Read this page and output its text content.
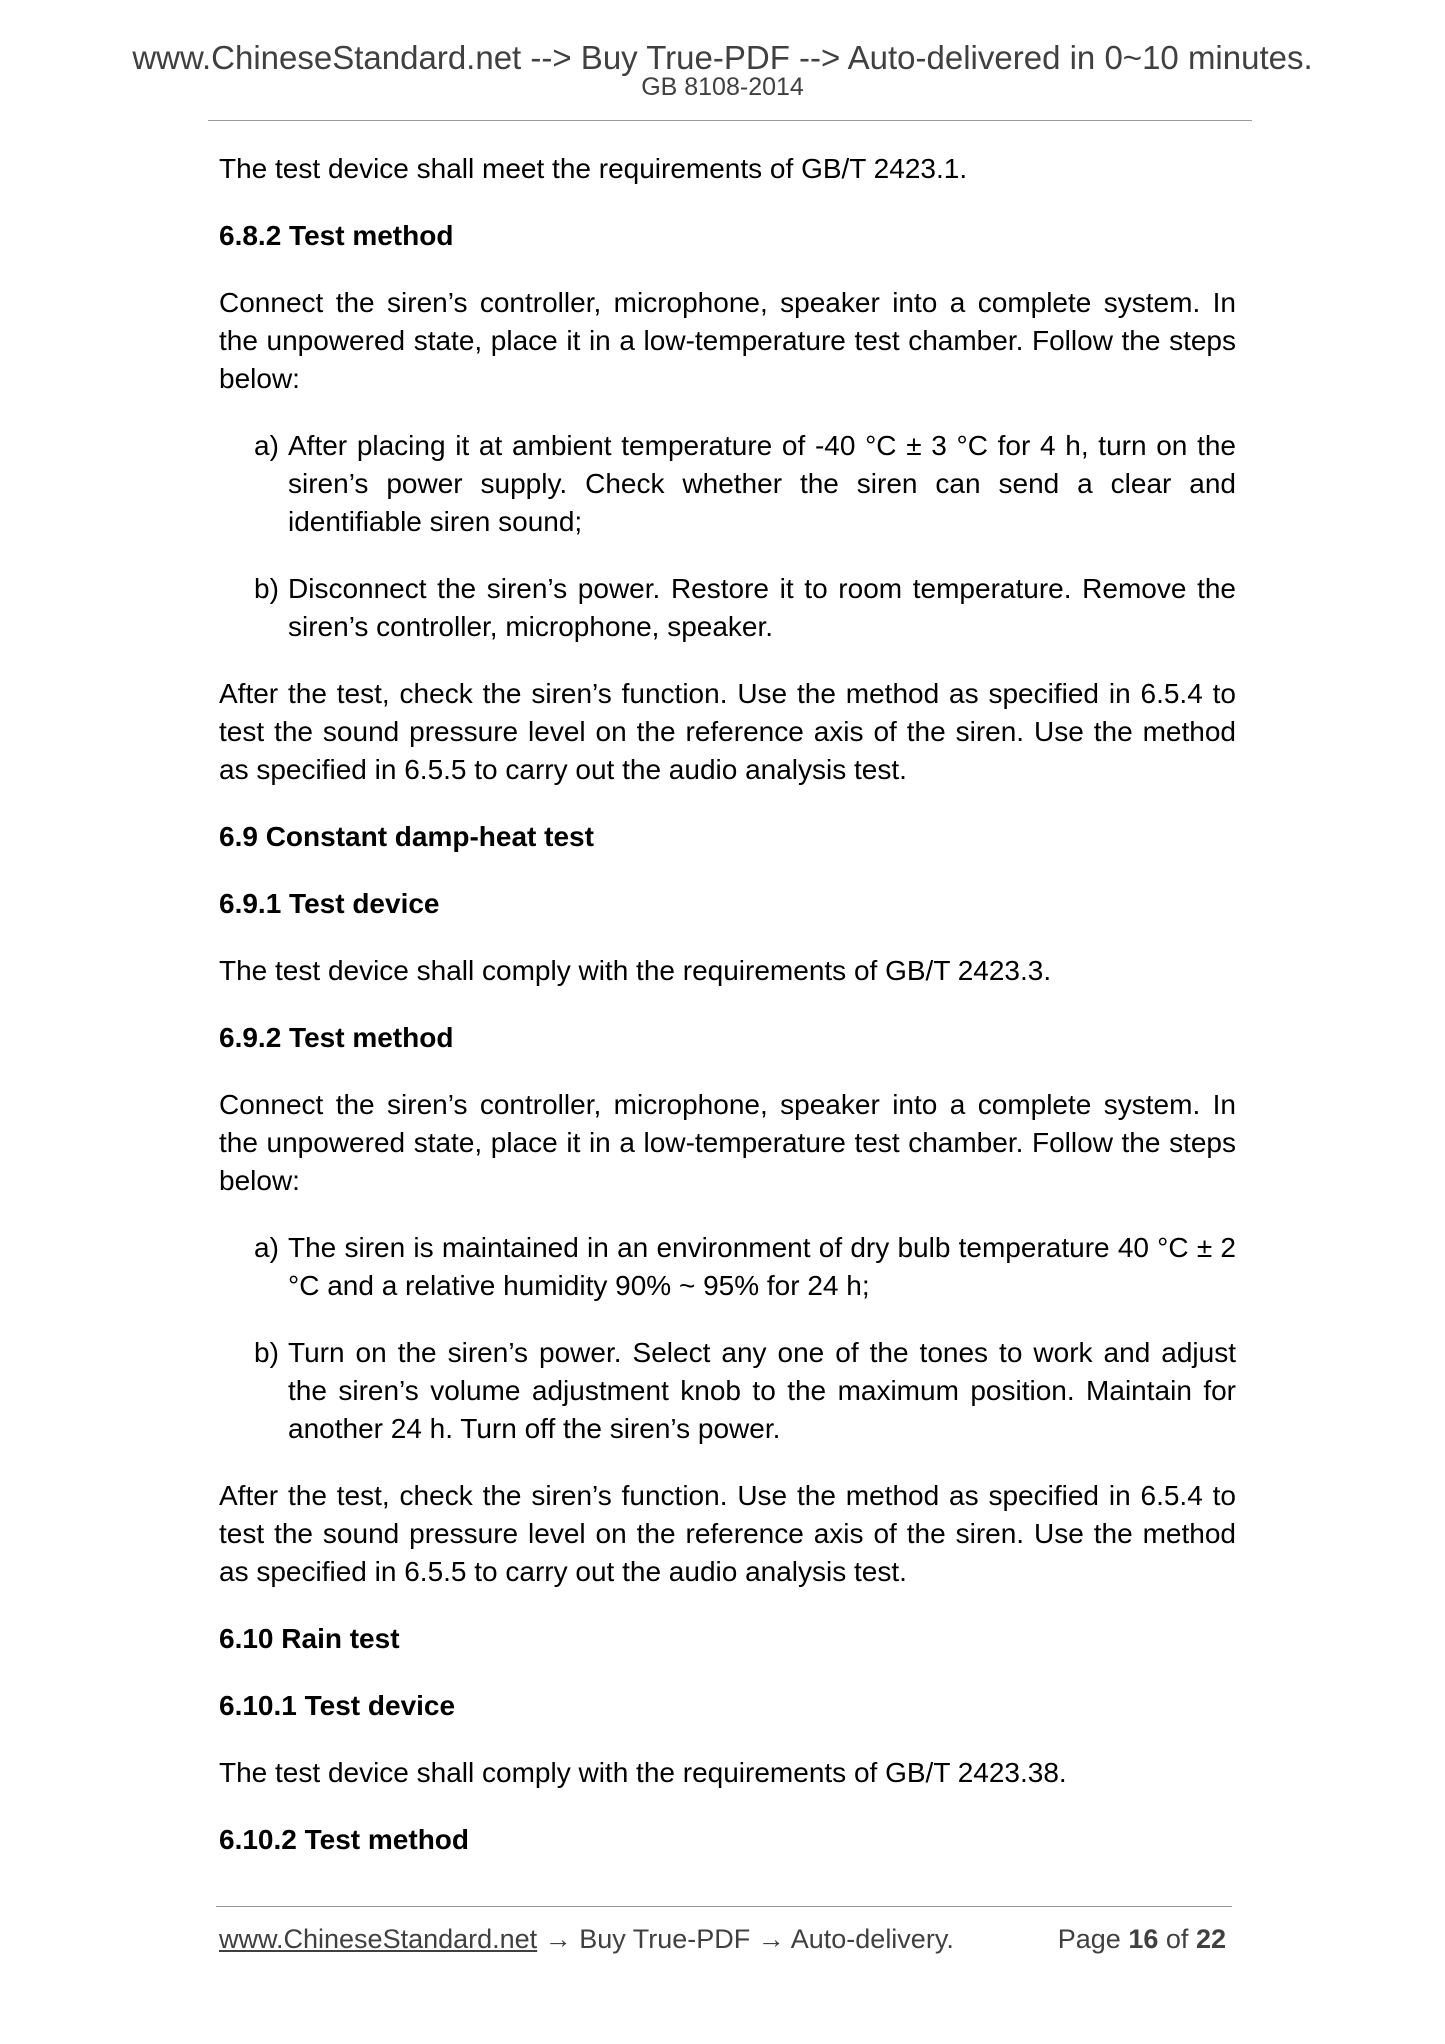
www.ChineseStandard.net --> Buy True-PDF --> Auto-delivered in 0~10 minutes.
GB 8108-2014

The test device shall meet the requirements of GB/T 2423.1.

6.8.2 Test method

Connect the siren’s controller, microphone, speaker into a complete system. In the unpowered state, place it in a low-temperature test chamber. Follow the steps below:

a) After placing it at ambient temperature of -40 °C ± 3 °C for 4 h, turn on the siren’s power supply. Check whether the siren can send a clear and identifiable siren sound;
b) Disconnect the siren’s power. Restore it to room temperature. Remove the siren’s controller, microphone, speaker.

After the test, check the siren’s function. Use the method as specified in 6.5.4 to test the sound pressure level on the reference axis of the siren. Use the method as specified in 6.5.5 to carry out the audio analysis test.

6.9 Constant damp-heat test
6.9.1 Test device

The test device shall comply with the requirements of GB/T 2423.3.

6.9.2 Test method

Connect the siren’s controller, microphone, speaker into a complete system. In the unpowered state, place it in a low-temperature test chamber. Follow the steps below:

a) The siren is maintained in an environment of dry bulb temperature 40 °C ± 2 °C and a relative humidity 90% ~ 95% for 24 h;
b) Turn on the siren’s power. Select any one of the tones to work and adjust the siren’s volume adjustment knob to the maximum position. Maintain for another 24 h. Turn off the siren’s power.

After the test, check the siren’s function. Use the method as specified in 6.5.4 to test the sound pressure level on the reference axis of the siren. Use the method as specified in 6.5.5 to carry out the audio analysis test.

6.10 Rain test
6.10.1 Test device

The test device shall comply with the requirements of GB/T 2423.38.

6.10.2 Test method
www.ChineseStandard.net → Buy True-PDF → Auto-delivery.	Page 16 of 22
